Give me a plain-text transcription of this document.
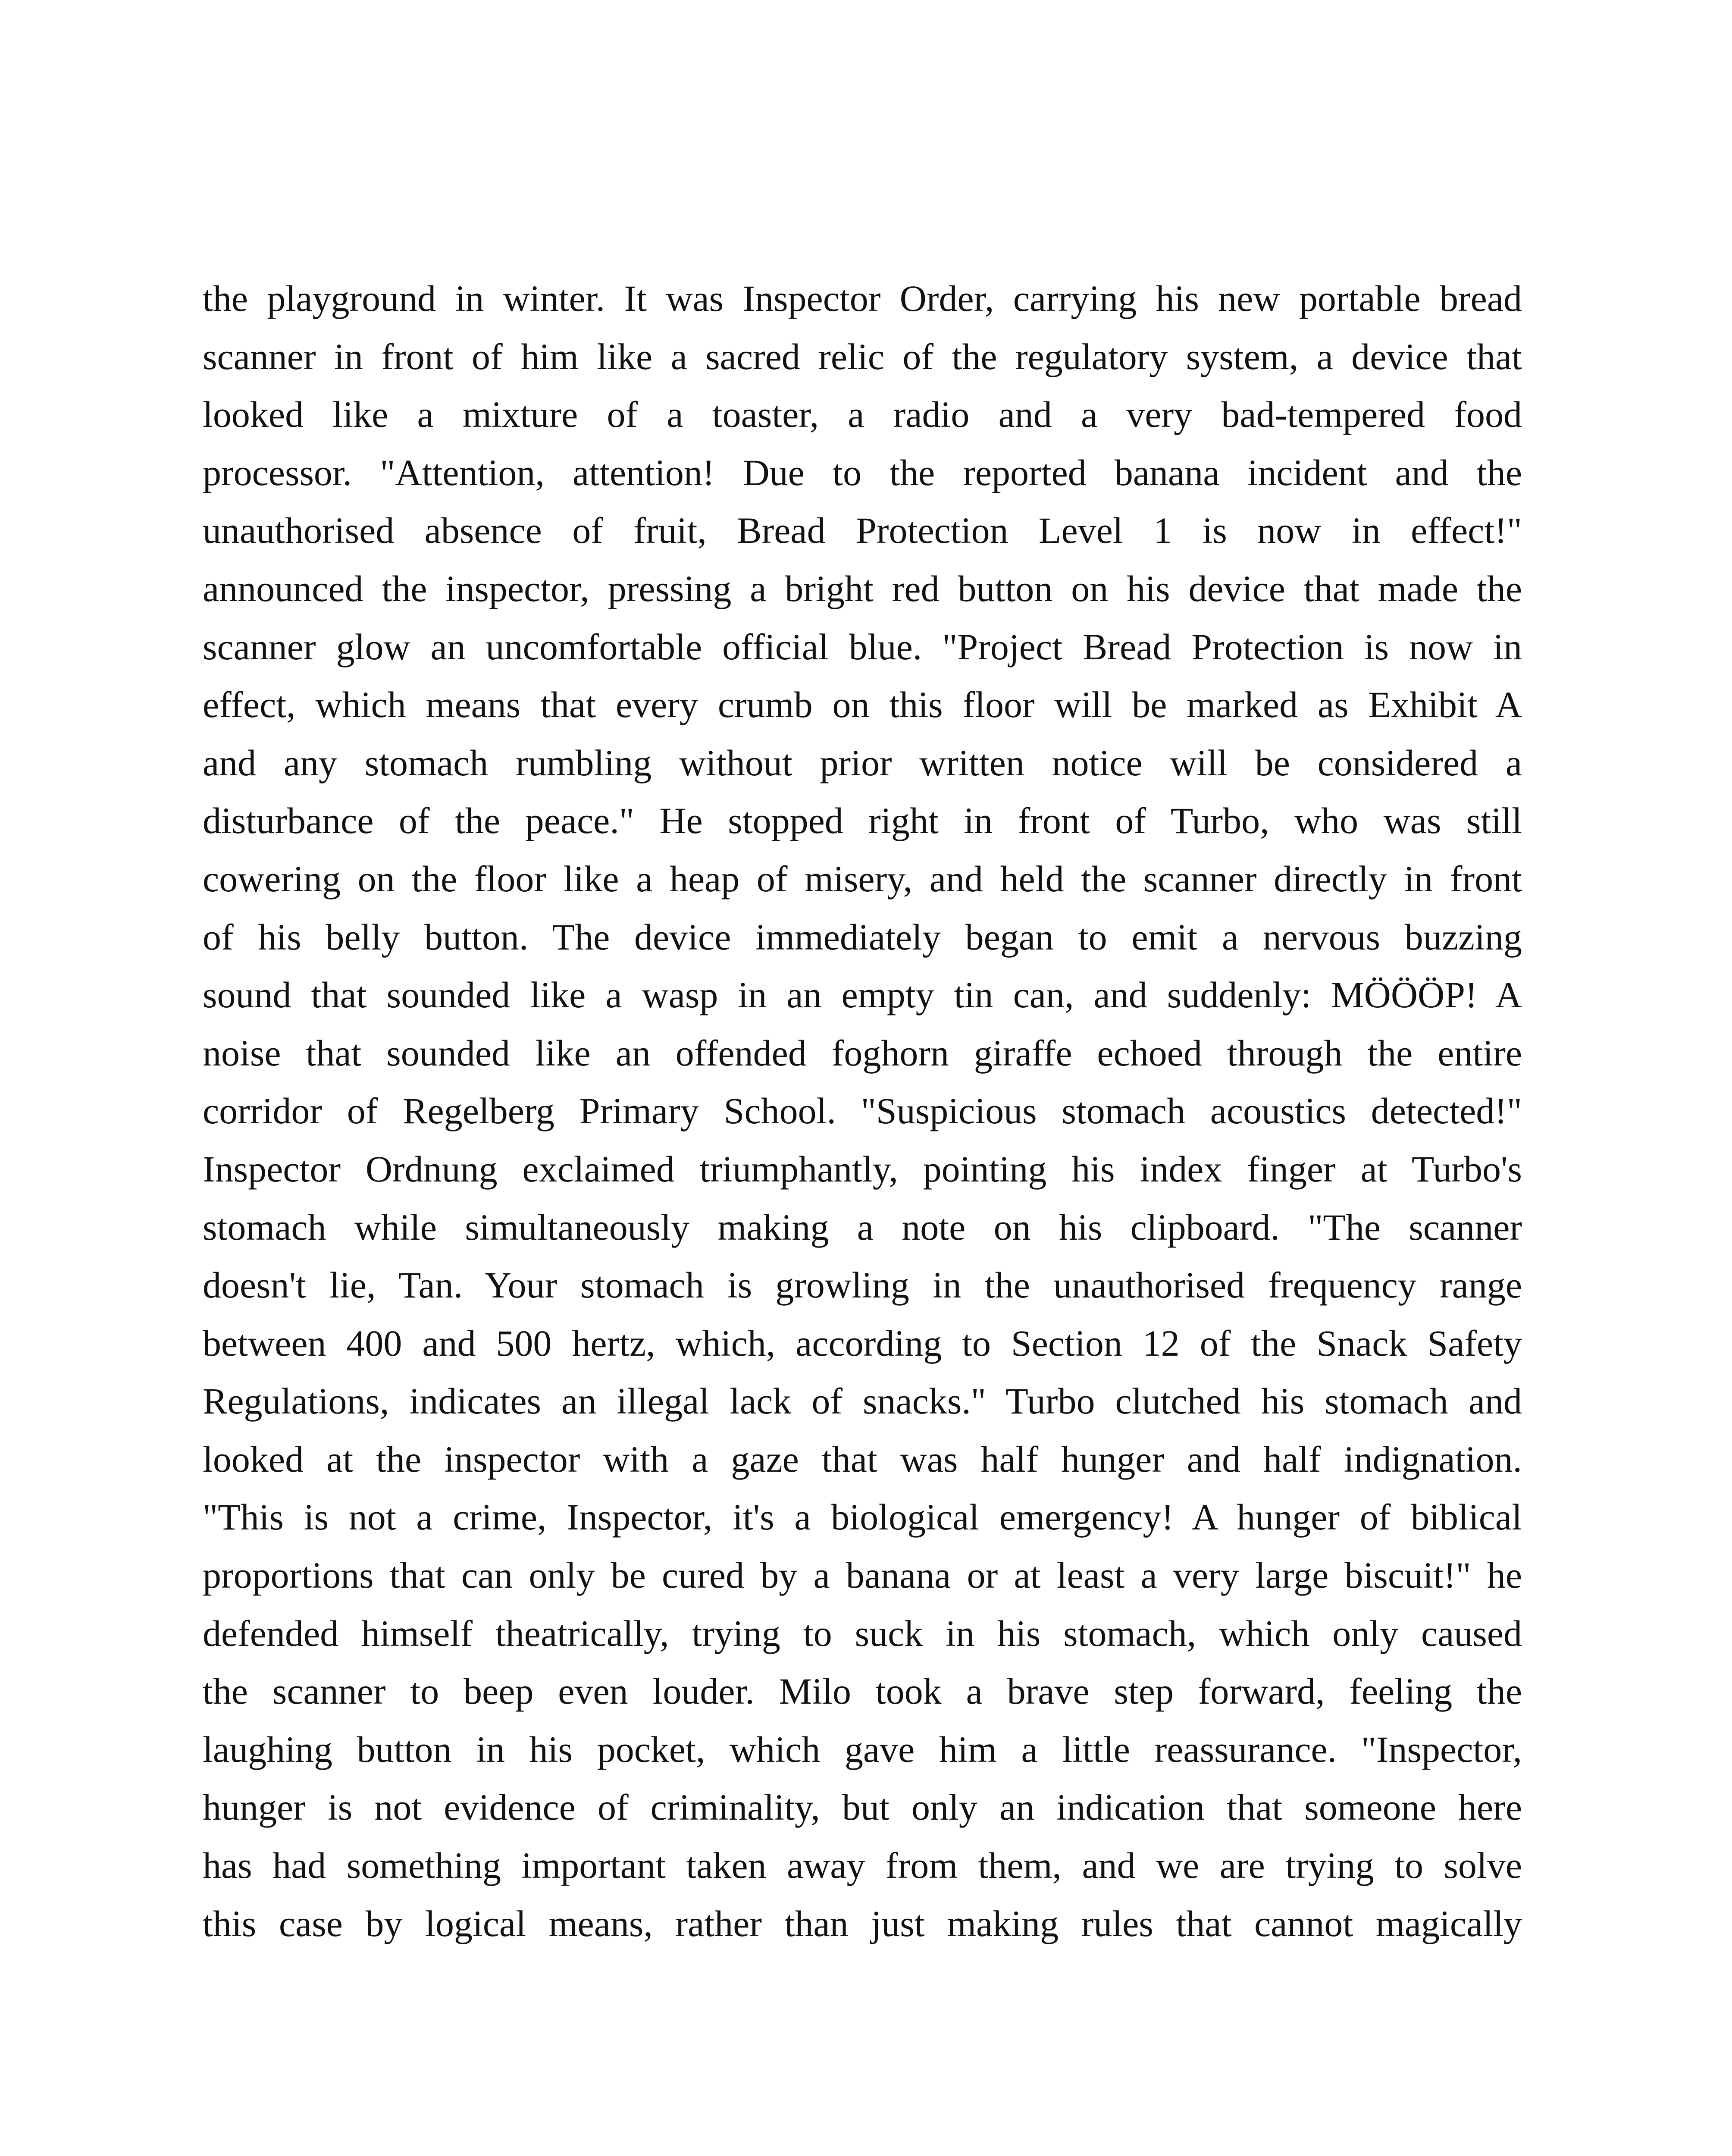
the playground in winter. It was Inspector Order, carrying his new portable bread
scanner in front of him like a sacred relic of the regulatory system, a device that
looked like a mixture of a toaster, a radio and a very bad-tempered food
processor. "Attention, attention! Due to the reported banana incident and the
unauthorised absence of fruit, Bread Protection Level 1 is now in effect!"
announced the inspector, pressing a bright red button on his device that made the
scanner glow an uncomfortable official blue. "Project Bread Protection is now in
effect, which means that every crumb on this floor will be marked as Exhibit A
and any stomach rumbling without prior written notice will be considered a
disturbance of the peace." He stopped right in front of Turbo, who was still
cowering on the floor like a heap of misery, and held the scanner directly in front
of his belly button. The device immediately began to emit a nervous buzzing
sound that sounded like a wasp in an empty tin can, and suddenly: MÖÖÖP! A
noise that sounded like an offended foghorn giraffe echoed through the entire
corridor of Regelberg Primary School. "Suspicious stomach acoustics detected!"
Inspector Ordnung exclaimed triumphantly, pointing his index finger at Turbo's
stomach while simultaneously making a note on his clipboard. "The scanner
doesn't lie, Tan. Your stomach is growling in the unauthorised frequency range
between 400 and 500 hertz, which, according to Section 12 of the Snack Safety
Regulations, indicates an illegal lack of snacks." Turbo clutched his stomach and
looked at the inspector with a gaze that was half hunger and half indignation.
"This is not a crime, Inspector, it's a biological emergency! A hunger of biblical
proportions that can only be cured by a banana or at least a very large biscuit!" he
defended himself theatrically, trying to suck in his stomach, which only caused
the scanner to beep even louder. Milo took a brave step forward, feeling the
laughing button in his pocket, which gave him a little reassurance. "Inspector,
hunger is not evidence of criminality, but only an indication that someone here
has had something important taken away from them, and we are trying to solve
this case by logical means, rather than just making rules that cannot magically
